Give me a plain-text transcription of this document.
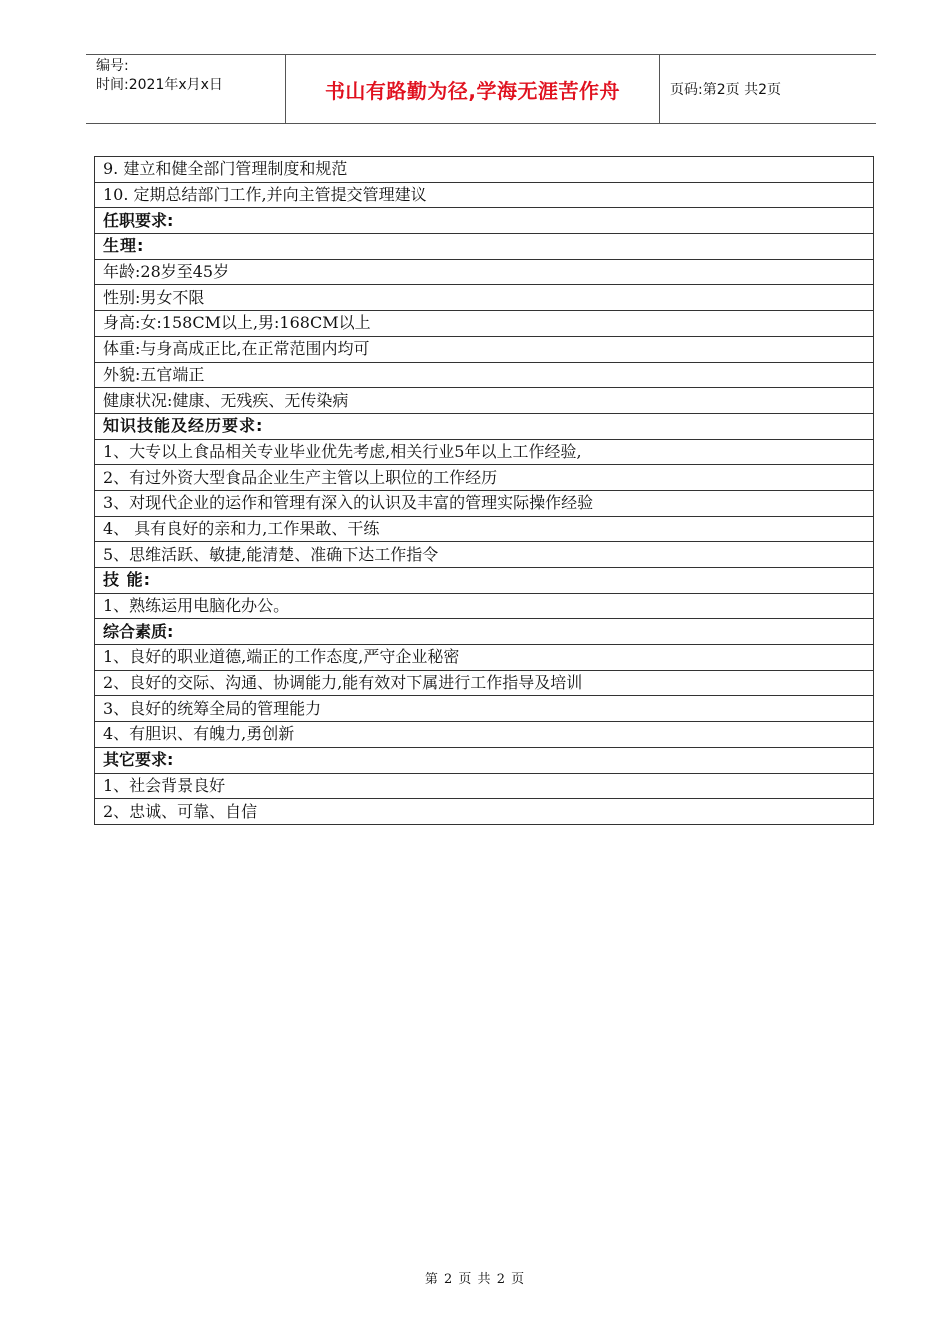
编号:
时间:2021年x月x日	书山有路勤为径,学海无涯苦作舟	页码:第2页 共2页
9. 建立和健全部门管理制度和规范
10. 定期总结部门工作,并向主管提交管理建议
任职要求:
生理:
年龄:28岁至45岁
性别:男女不限
身高:女:158CM以上,男:168CM以上
体重:与身高成正比,在正常范围内均可
外貌:五官端正
健康状况:健康、无残疾、无传染病
知识技能及经历要求:
1、大专以上食品相关专业毕业优先考虑,相关行业5年以上工作经验,
2、有过外资大型食品企业生产主管以上职位的工作经历
3、对现代企业的运作和管理有深入的认识及丰富的管理实际操作经验
4、 具有良好的亲和力,工作果敢、干练
5、思维活跃、敏捷,能清楚、准确下达工作指令
技 能:
1、熟练运用电脑化办公。
综合素质:
1、良好的职业道德,端正的工作态度,严守企业秘密
2、良好的交际、沟通、协调能力,能有效对下属进行工作指导及培训
3、良好的统筹全局的管理能力
4、有胆识、有魄力,勇创新
其它要求:
1、社会背景良好
2、忠诚、可靠、自信
第 2 页 共 2 页
